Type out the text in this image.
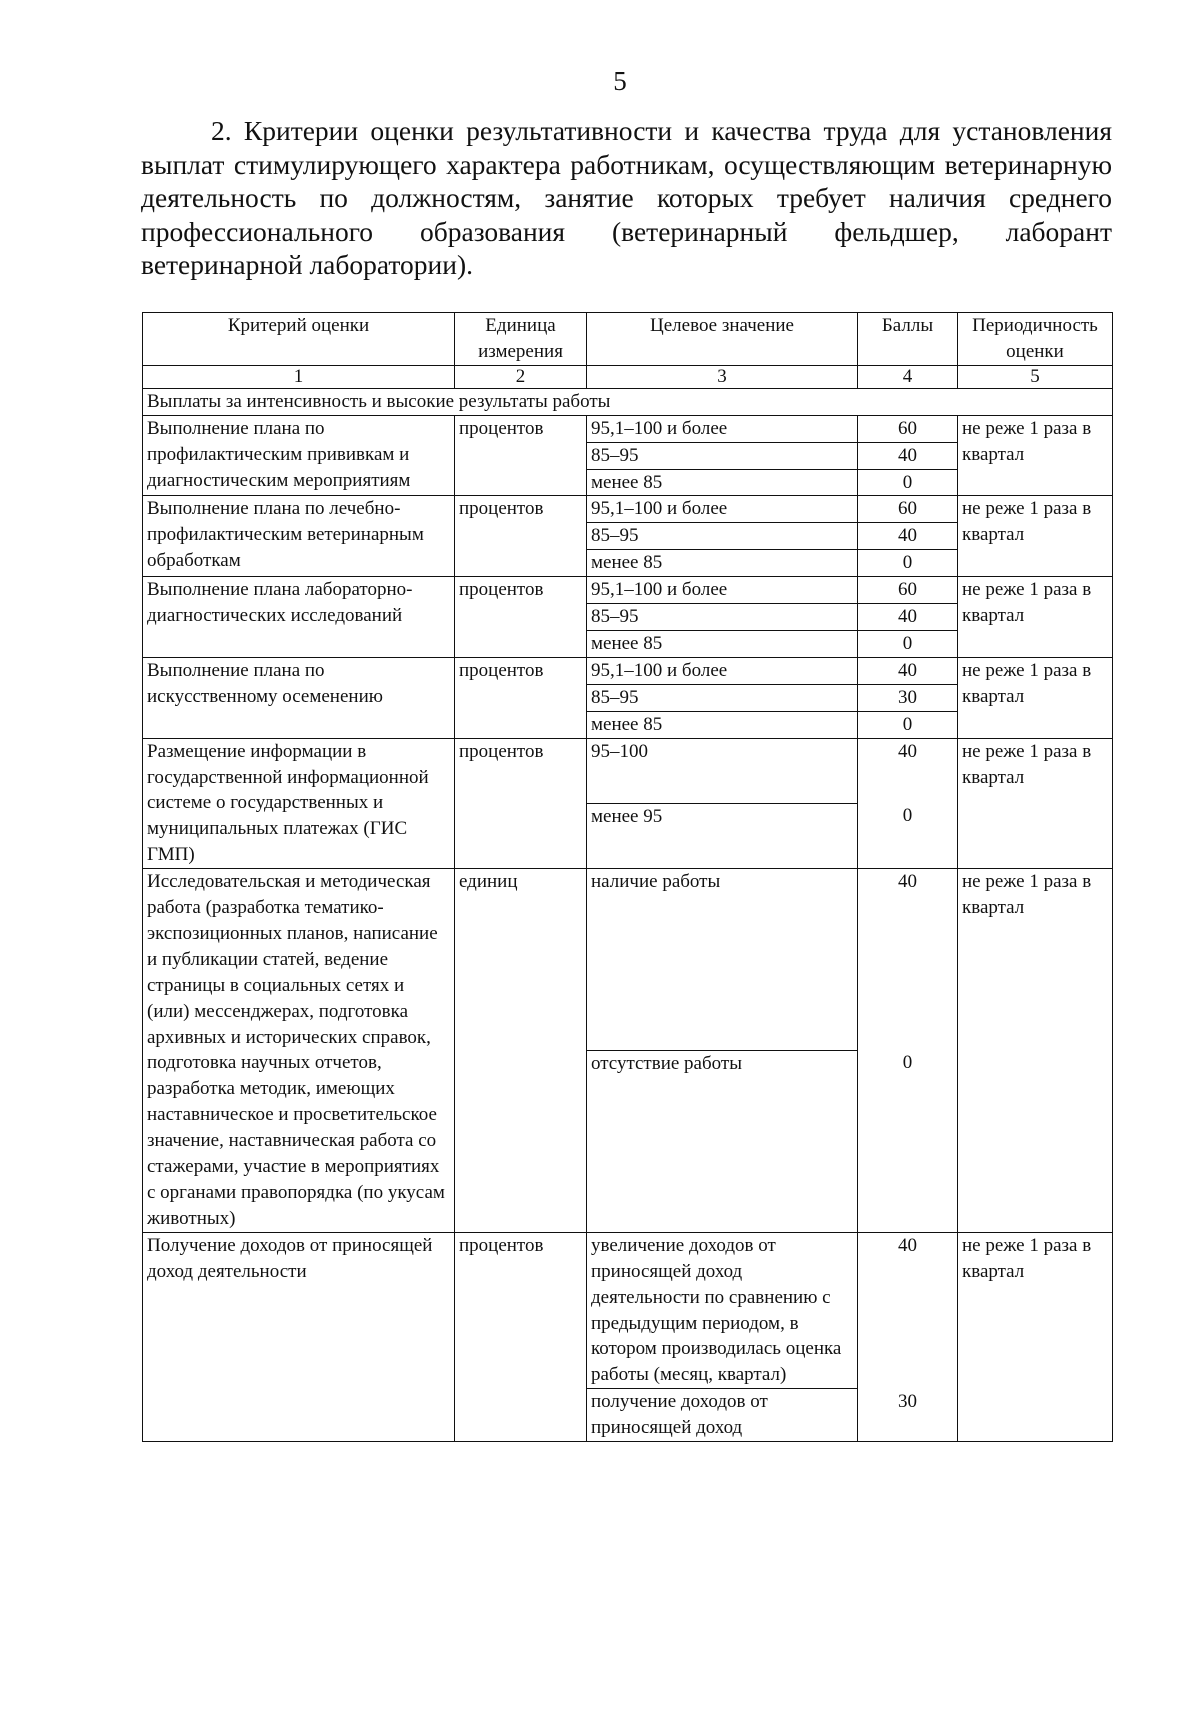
5

2. Критерии оценки результативности и качества труда для установления выплат стимулирующего характера работникам, осуществляющим ветеринарную деятельность по должностям, занятие которых требует наличия среднего профессионального образования (ветеринарный фельдшер, лаборант ветеринарной лаборатории).

Критерий оценки	Единица измерения	Целевое значение	Баллы	Периодичность оценки
1	2	3	4	5
Выплаты за интенсивность и высокие результаты работы				
Выполнение плана по профилактическим прививкам и диагностическим мероприятиям	процентов	95,1–100 и более	60	не реже 1 раза в квартал
		85–95	40	
		менее 85	0	
Выполнение плана по лечебно-профилактическим ветеринарным обработкам	процентов	95,1–100 и более	60	не реже 1 раза в квартал
		85–95	40	
		менее 85	0	
Выполнение плана лабораторно-диагностических исследований	процентов	95,1–100 и более	60	не реже 1 раза в квартал
		85–95	40	
		менее 85	0	
Выполнение плана по искусственному осеменению	процентов	95,1–100 и более	40	не реже 1 раза в квартал
		85–95	30	
		менее 85	0	
Размещение информации в государственной информационной системе о государственных и муниципальных платежах (ГИС ГМП)	процентов	95–100	40	не реже 1 раза в квартал
		менее 95	0	
Исследовательская и методическая работа (разработка тематико-экспозиционных планов, написание и публикации статей, ведение страницы в социальных сетях и (или) мессенджерах, подготовка архивных и исторических справок, подготовка научных отчетов, разработка методик, имеющих наставническое и просветительское значение, наставническая работа со стажерами, участие в мероприятиях с органами правопорядка (по укусам животных)	единиц	наличие работы	40	не реже 1 раза в квартал
		отсутствие работы	0	
Получение доходов от приносящей доход деятельности	процентов	увеличение доходов от приносящей доход деятельности по сравнению с предыдущим периодом, в котором производилась оценка работы (месяц, квартал)	40	не реже 1 раза в квартал
		получение доходов от приносящей доход	30	
